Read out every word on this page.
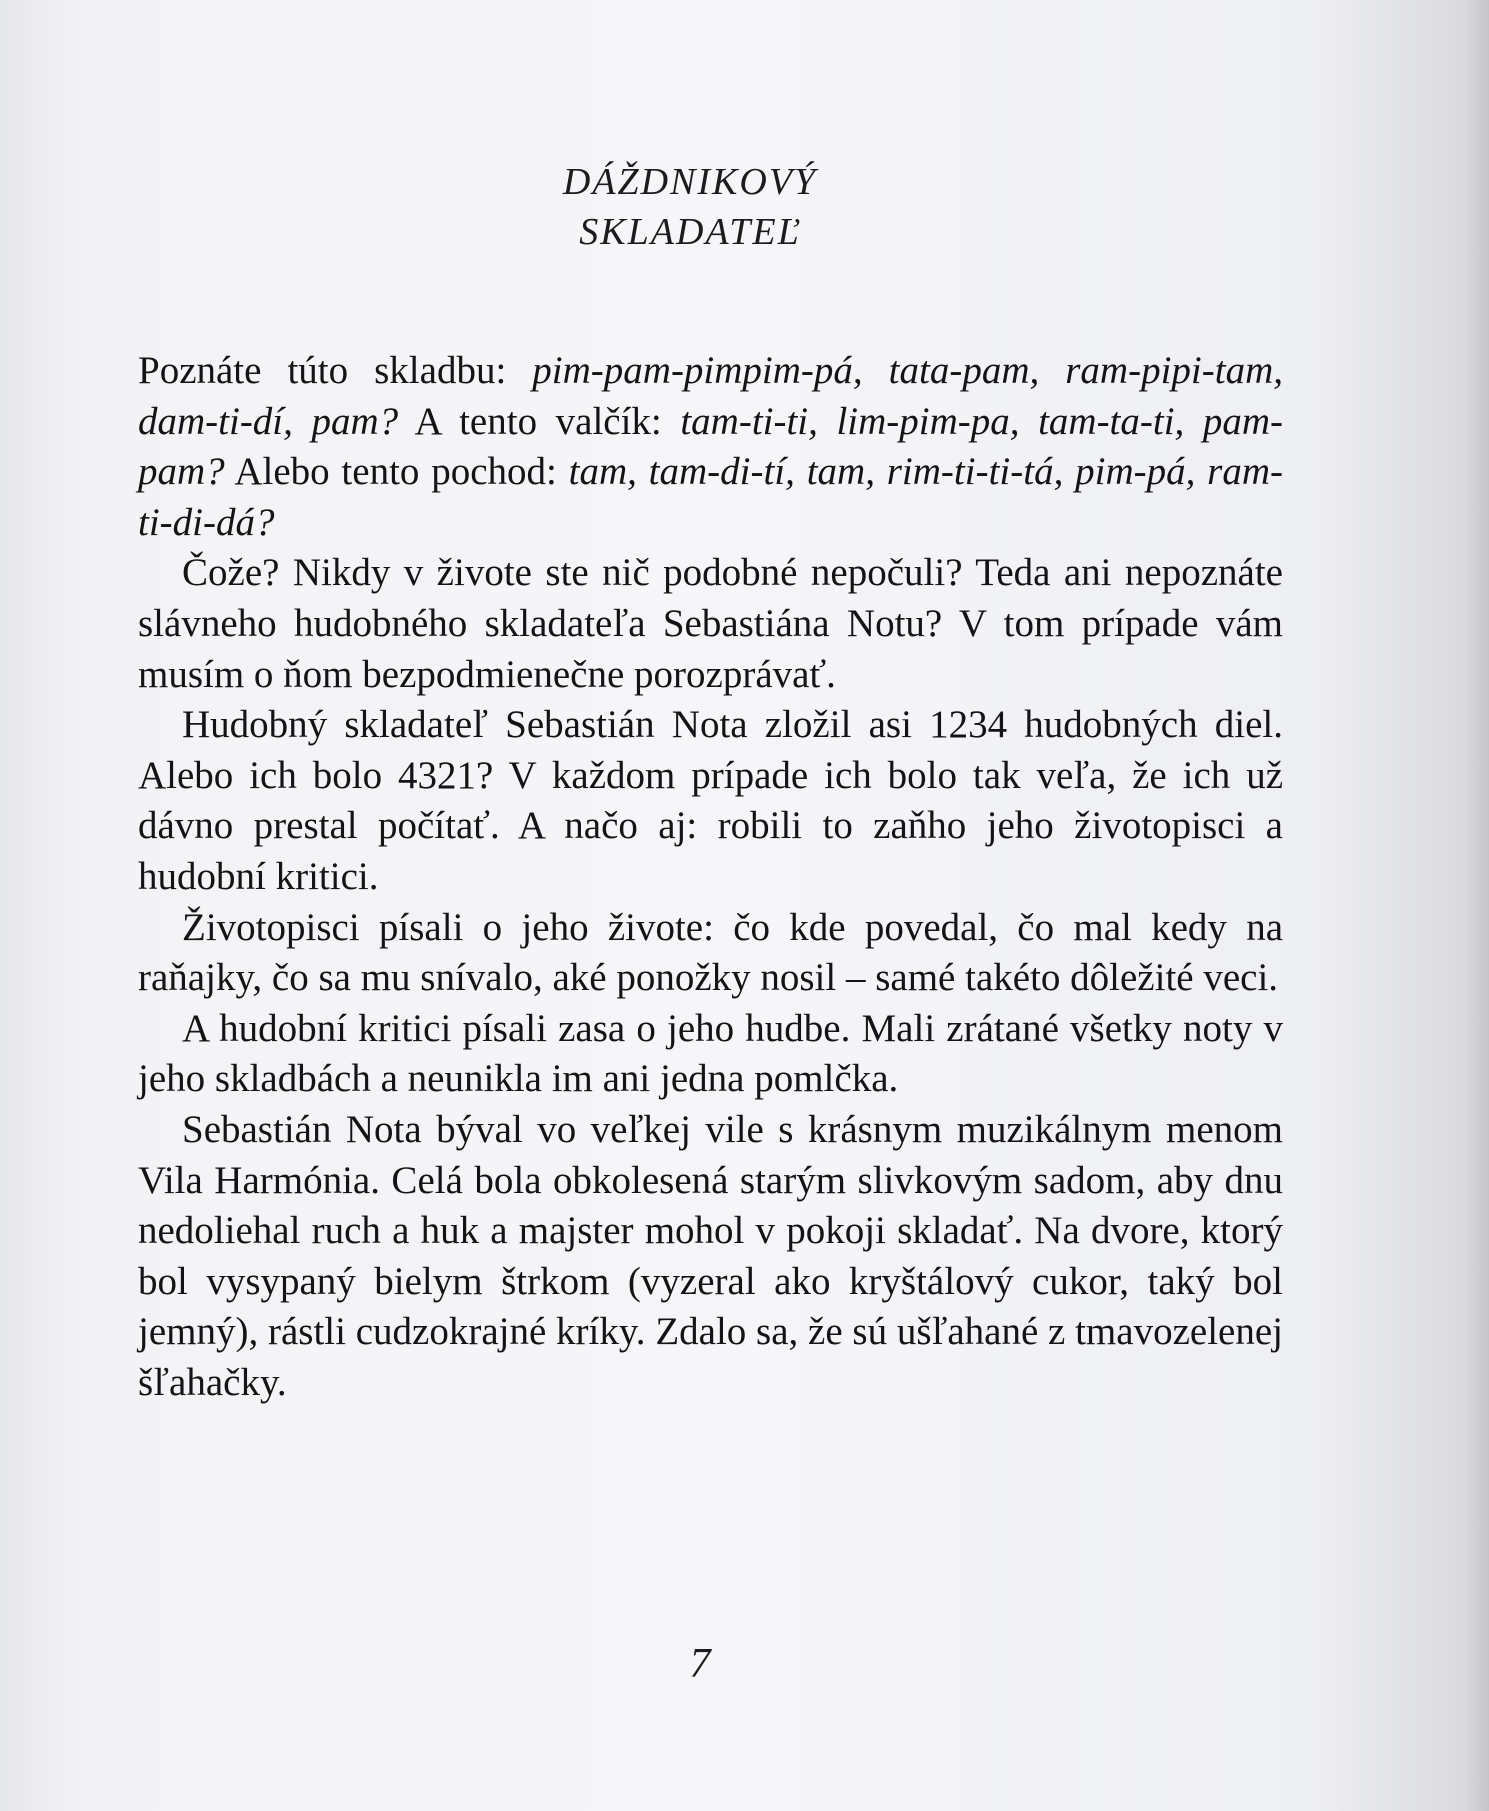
DÁŽDNIKOVÝ
SKLADATEĽ

Poznáte túto skladbu: pim-pam-pimpim-pá, tata-pam, ram-pipi-tam, dam-ti-dí, pam? A tento valčík: tam-ti-ti, lim-pim-pa, tam-ta-ti, pam-pam? Alebo tento pochod: tam, tam-di-tí, tam, rim-ti-ti-tá, pim-pá, ram-ti-di-dá?

Čože? Nikdy v živote ste nič podobné nepočuli? Teda ani nepoznáte slávneho hudobného skladateľa Sebastiána Notu? V tom prípade vám musím o ňom bezpodmienečne porozprávať.

Hudobný skladateľ Sebastián Nota zložil asi 1234 hudobných diel. Alebo ich bolo 4321? V každom prípade ich bolo tak veľa, že ich už dávno prestal počítať. A načo aj: robili to zaňho jeho životopisci a hudobní kritici.

Životopisci písali o jeho živote: čo kde povedal, čo mal kedy na raňajky, čo sa mu snívalo, aké ponožky nosil – samé takéto dôležité veci.

A hudobní kritici písali zasa o jeho hudbe. Mali zrátané všetky noty v jeho skladbách a neunikla im ani jedna pomlčka.

Sebastián Nota býval vo veľkej vile s krásnym muzikálnym menom Vila Harmónia. Celá bola obkolesená starým slivkovým sadom, aby dnu nedoliehal ruch a huk a majster mohol v pokoji skladať. Na dvore, ktorý bol vysypaný bielym štrkom (vyzeral ako kryštálový cukor, taký bol jemný), rástli cudzokrajné kríky. Zdalo sa, že sú ušľahané z tmavozelenej šľahačky.

7
